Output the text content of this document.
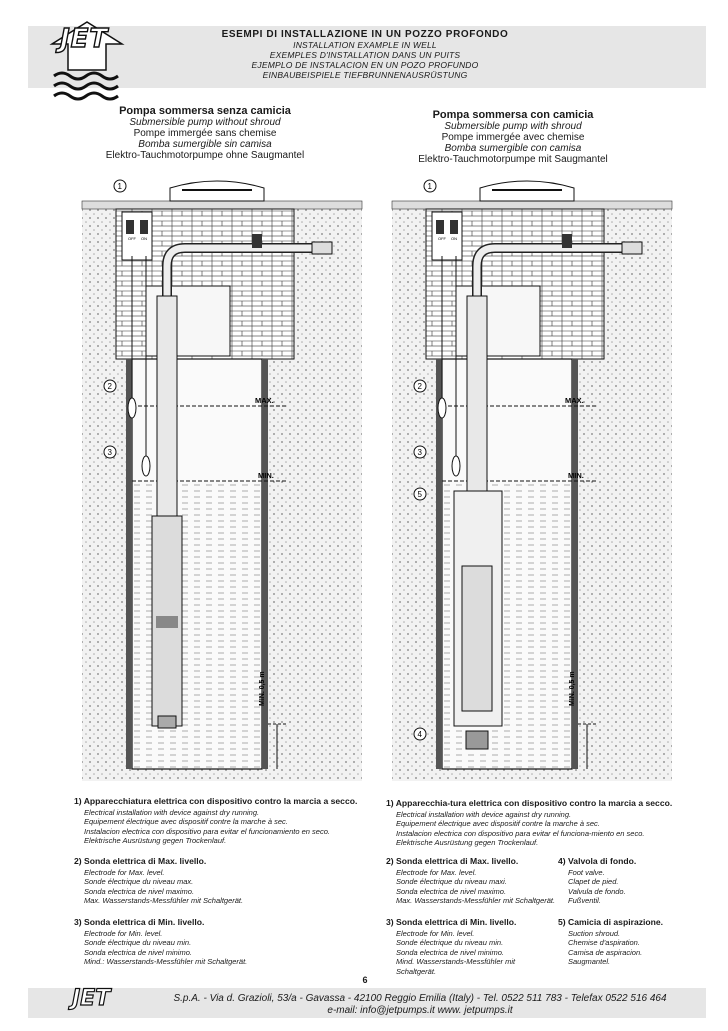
JET	ESEMPI DI INSTALLAZIONE IN UN POZZO PROFONDO
INSTALLATION EXAMPLE IN WELL
EXEMPLES D'INSTALLATION DANS UN PUITS
EJEMPLO DE INSTALACION EN UN POZO PROFUNDO
EINBAUBEISPIELE TIEFBRUNNENAUSRÜSTUNG
Pompa sommersa senza camicia
Submersible pump without shroud
Pompe immergée sans chemise
Bomba sumergible sin camisa
Elektro-Tauchmotorpumpe ohne Saugmantel
Pompa sommersa con camicia
Submersible pump with shroud
Pompe immergée avec chemise
Bomba sumergible con camisa
Elektro-Tauchmotorpumpe mit Saugmantel
OFF ON
MAX.
MIN.
MIN. 0,5 m
1
2
3
OFF ON
MAX.
MIN.
MIN. 0,5 m
1
2
3
5
4
1) Apparecchiatura elettrica con dispositivo contro la marcia a secco.
Electrical installation with device against dry running.
Equipement électrique avec dispositif contre la marche à sec.
Instalacion electrica con dispositivo para evitar el funcionamiento en seco.
Elektrische Ausrüstung gegen Trockenlauf.
2) Sonda elettrica di Max. livello.
Electrode for Max. level.
Sonde électrique du niveau max.
Sonda electrica de nivel maximo.
Max. Wasserstands-Messfühler mit Schaltgerät.
3) Sonda elettrica di Min. livello.
Electrode for Min. level.
Sonde électrique du niveau min.
Sonda electrica de nivel minimo.
Mind.: Wasserstands-Messfühler mit Schaltgerät.
1) Apparecchia-tura elettrica con dispositivo contro la marcia a secco.
Electrical installation with device against dry running.
Equipement électrique avec dispositif contre la marche à sec.
Instalacion electrica con dispositivo para evitar el funciona-miento en seco.
Elektrische Ausrüstung gegen Trockenlauf.
2) Sonda elettrica di Max. livello.
Electrode for Max. level.
Sonde électrique du niveau maxi.
Sonda electrica de nivel maximo.
Max. Wasserstands-Messfühler mit Schaltgerät.
3) Sonda elettrica di Min. livello.
Electrode for Min. level.
Sonde électrique du niveau min.
Sonda electrica de nivel minimo.
Mind. Wasserstands-Messfühler mit Schaltgerät.
4) Valvola di fondo.
Foot valve.
Clapet de pied.
Valvula de fondo.
Fußventil.
5) Camicia di aspirazione.
Suction shroud.
Chemise d'aspiration.
Camisa de aspiracion.
Saugmantel.
6
JET	S.p.A. - Via d. Grazioli, 53/a - Gavassa - 42100 Reggio Emilia (Italy) - Tel. 0522 511 783 - Telefax 0522 516 464
e-mail: info@jetpumps.it www. jetpumps.it
